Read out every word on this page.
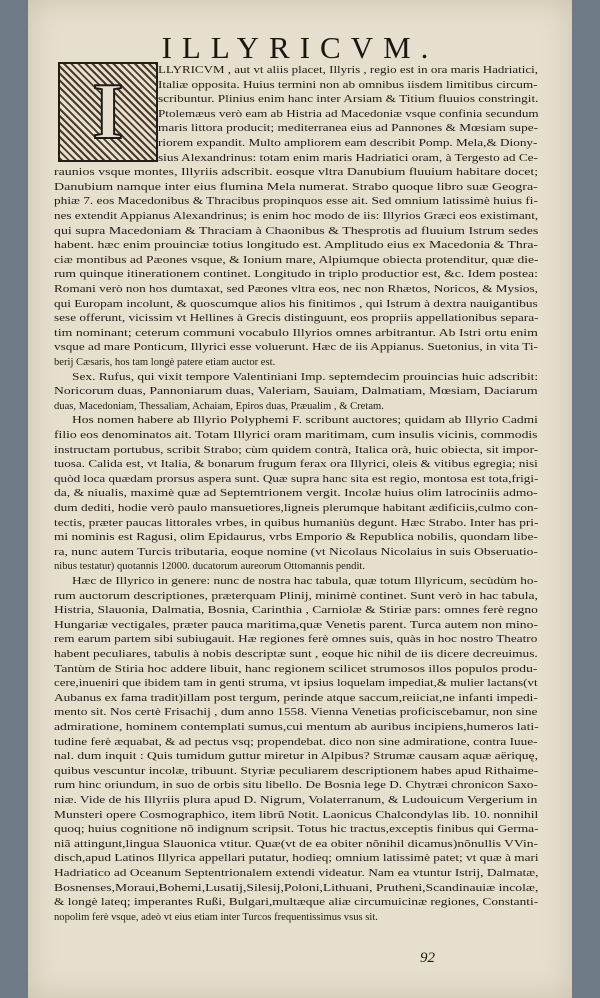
ILLYRICVM.
I	LLYRICVM , aut vt aliis placet, Illyris , regio est in ora maris Hadriatici,
Italiæ opposita. Huius termini non ab omnibus iisdem limitibus circum-
scribuntur. Plinius enim hanc inter Arsiam & Titium fluuios constringit.
Ptolemæus verò eam ab Histria ad Macedoniæ vsque confinia secundum
maris littora producit; mediterranea eius ad Pannones & Mœsiam supe-
riorem expandit. Multo ampliorem eam describit Pomp. Mela,& Diony-
sius Alexandrinus: totam enim maris Hadriatici oram, à Tergesto ad Ce-
raunios vsque montes, Illyriis adscribit. eosque vltra Danubium fluuium habitare docet;
Danubium namque inter eius flumina Mela numerat. Strabo quoque libro suæ Geogra-
phiæ 7. eos Macedonibus & Thracibus propinquos esse ait. Sed omnium latissimè huius fi-
nes extendit Appianus Alexandrinus; is enim hoc modo de iis: Illyrios Græci eos existimant,
qui supra Macedoniam & Thraciam à Chaonibus & Thesprotis ad fluuium Istrum sedes
habent. hæc enim prouinciæ totius longitudo est. Amplitudo eius ex Macedonia & Thra-
ciæ montibus ad Pæones vsque, & Ionium mare, Alpiumque obiecta protenditur, quæ die-
rum quinque itinerationem continet. Longitudo in triplo productior est, &c. Idem postea:
Romani verò non hos dumtaxat, sed Pæones vltra eos, nec non Rhætos, Noricos, & Mysios,
qui Europam incolunt, & quoscumque alios his finitimos , qui Istrum à dextra nauigantibus
sese offerunt, vicissim vt Hellines à Grecis distinguunt, eos propriis appellationibus separa-
tim nominant; ceterum communi vocabulo Illyrios omnes arbitrantur. Ab Istri ortu enim
vsque ad mare Ponticum, Illyrici esse voluerunt. Hæc de iis Appianus. Suetonius, in vita Ti-
berij Cæsaris, hos tam longè patere etiam auctor est.
Sex. Rufus, qui vixit tempore Valentiniani Imp. septemdecim prouincias huic adscribit:
Noricorum duas, Pannoniarum duas, Valeriam, Sauiam, Dalmatiam, Mœsiam, Daciarum
duas, Macedoniam, Thessaliam, Achaiam, Epiros duas, Præualim , & Cretam.
Hos nomen habere ab Illyrio Polyphemi F. scribunt auctores; quidam ab Illyrio Cadmi
filio eos denominatos ait. Totam Illyrici oram maritimam, cum insulis vicinis, commodis
instructam portubus, scribit Strabo; cùm quidem contrà, Italica orà, huic obiecta, sit impor-
tuosa. Calida est, vt Italia, & bonarum frugum ferax ora Illyrici, oleis & vitibus egregia; nisi
quòd loca quædam prorsus aspera sunt. Quæ supra hanc sita est regio, montosa est tota,frigi-
da, & niualis, maximè quæ ad Septemtrionem vergit. Incolæ huius olim latrociniis admo-
dum dediti, hodie verò paulo mansuetiores,ligneis plerumque habitant ædificiis,culmo con-
tectis, præter paucas littorales vrbes, in quibus humaniùs degunt. Hæc Strabo. Inter has pri-
mi nominis est Ragusi, olim Epidaurus, vrbs Emporio & Republica nobilis, quondam libe-
ra, nunc autem Turcis tributaria, eoque nomine (vt Nicolaus Nicolaius in suis Obseruatio-
nibus testatur) quotannis 12000. ducatorum aureorum Ottomannis pendit.
Hæc de Illyrico in genere: nunc de nostra hac tabula, quæ totum Illyricum, secùdùm ho-
rum auctorum descriptiones, præterquam Plinij, minimè continet. Sunt verò in hac tabula,
Histria, Slauonia, Dalmatia, Bosnia, Carinthia , Carniolæ & Stiriæ pars: omnes ferè regno
Hungariæ vectigales, præter pauca maritima,quæ Venetis parent. Turca autem non mino-
rem earum partem sibi subiugauit. Hæ regiones ferè omnes suis, quàs in hoc nostro Theatro
habent peculiares, tabulis à nobis descriptæ sunt , eoque hic nihil de iis dicere decreuimus.
Tantùm de Stiria hoc addere libuit, hanc regionem scilicet strumosos illos populos produ-
cere,inueniri que ibidem tam in genti struma, vt ipsius loquelam impediat,& mulier lactans(vt
Aubanus ex fama tradit)illam post tergum, perinde atque saccum,reiiciat,ne infanti impedi-
mento sit. Nos certè Frisachij , dum anno 1558. Vienna Venetias proficiscebamur, non sine
admiratione, hominem contemplati sumus,cui mentum ab auribus incipiens,humeros lati-
tudine ferè æquabat, & ad pectus vsq; propendebat. dico non sine admiratione, contra Iuue-
nal. dum inquit : Quis tumidum guttur miretur in Alpibus? Strumæ causam aquæ aëriquę,
quibus vescuntur incolæ, tribuunt. Styriæ peculiarem descriptionem habes apud Rithaime-
rum hinc oriundum, in suo de orbis situ libello. De Bosnia lege D. Chytræi chronicon Saxo-
niæ. Vide de his Illyriis plura apud D. Nigrum, Volaterranum, & Ludouicum Vergerium in
Munsteri opere Cosmographico, item librũ Notit. Laonicus Chalcondylas lib. 10. nonnihil
quoq; huius cognitione nõ indignum scripsit. Totus hic tractus,exceptis finibus qui Germa-
niã attingunt,lingua Slauonica vtitur. Quæ(vt de ea obiter nõnihil dicamus)nõnullis VVin-
disch,apud Latinos Illyrica appellari putatur, hodieq; omnium latissimè patet; vt quæ à mari
Hadriatico ad Oceanum Septentrionalem extendi videatur. Nam ea vtuntur Istrij, Dalmatæ,
Bosnenses,Moraui,Bohemi,Lusatij,Silesij,Poloni,Lithuani, Prutheni,Scandinauiæ incolæ,
& longè lateq; imperantes Rußi, Bulgari,multæque aliæ circumuicinæ regiones, Constanti-
nopolim ferè vsque, adeò vt eius etiam inter Turcos frequentissimus vsus sit.
92
